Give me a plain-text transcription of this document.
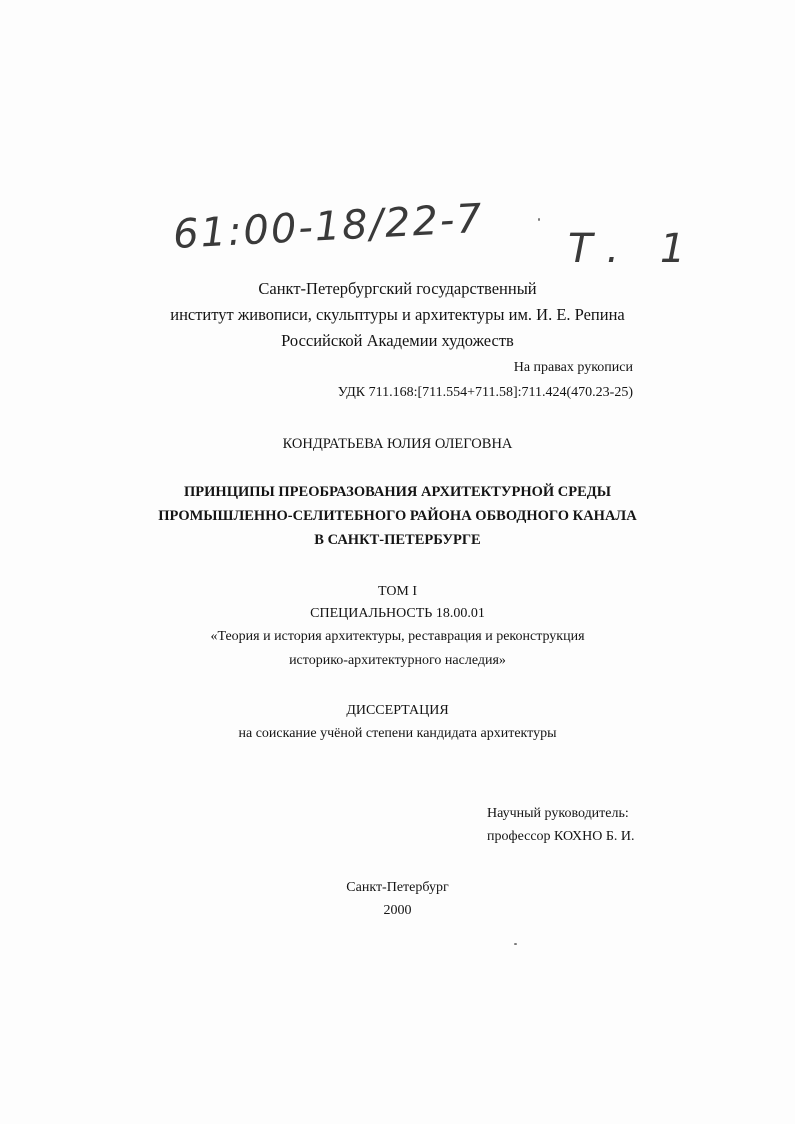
61:00-18/22-7 Т. 1
Санкт-Петербургский государственный
институт живописи, скульптуры и архитектуры им. И. Е. Репина
Российской Академии художеств
На правах рукописи
УДК 711.168:[711.554+711.58]:711.424(470.23-25)
КОНДРАТЬЕВА ЮЛИЯ ОЛЕГОВНА
ПРИНЦИПЫ ПРЕОБРАЗОВАНИЯ АРХИТЕКТУРНОЙ СРЕДЫ
ПРОМЫШЛЕННО-СЕЛИТЕБНОГО РАЙОНА ОБВОДНОГО КАНАЛА
В САНКТ-ПЕТЕРБУРГЕ
ТОМ I
СПЕЦИАЛЬНОСТЬ 18.00.01
«Теория и история архитектуры, реставрация и реконструкция
историко-архитектурного наследия»
ДИССЕРТАЦИЯ
на соискание учёной степени кандидата архитектуры
Научный руководитель:
профессор КОХНО Б. И.
Санкт-Петербург
2000
